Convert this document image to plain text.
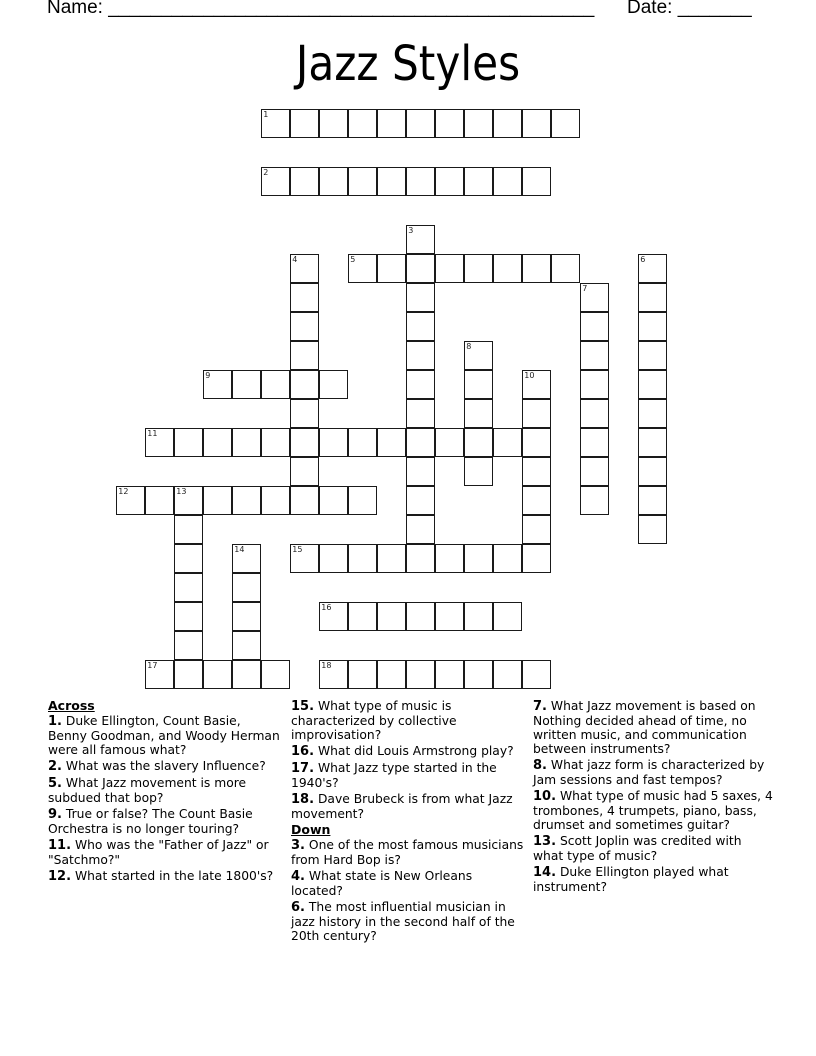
Name: ______________________________________________ Date: _______
Jazz Styles
1
2
3
4	5	6
7
8
9	10
11
12	13
14	15
16
17	18
Across
1. Duke Ellington, Count Basie, Benny Goodman, and Woody Herman were all famous what?
2. What was the slavery Influence?
5. What Jazz movement is more subdued that bop?
9. True or false? The Count Basie Orchestra is no longer touring?
11. Who was the "Father of Jazz" or "Satchmo?"
12. What started in the late 1800's?
15. What type of music is characterized by collective improvisation?
16. What did Louis Armstrong play?
17. What Jazz type started in the 1940's?
18. Dave Brubeck is from what Jazz movement?
Down
3. One of the most famous musicians from Hard Bop is?
4. What state is New Orleans located?
6. The most influential musician in jazz history in the second half of the 20th century?
7. What Jazz movement is based on Nothing decided ahead of time, no written music, and communication between instruments?
8. What jazz form is characterized by Jam sessions and fast tempos?
10. What type of music had 5 saxes, 4 trombones, 4 trumpets, piano, bass, drumset and sometimes guitar?
13. Scott Joplin was credited with what type of music?
14. Duke Ellington played what instrument?
